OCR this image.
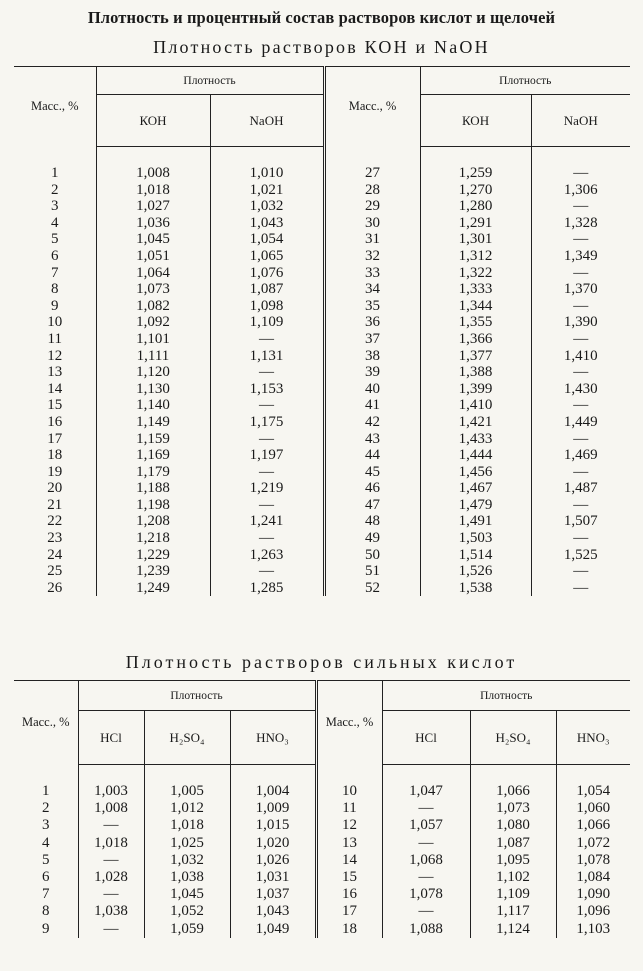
Плотность и процентный состав растворов кислот и щелочей
Плотность растворов КОН и NaOH
Масс., %	Плотность		Масс., %	Плотность	
	КОН	NaOH		КОН	NaOH
1	1,008	1,010	27	1,259	—
2	1,018	1,021	28	1,270	1,306
3	1,027	1,032	29	1,280	—
4	1,036	1,043	30	1,291	1,328
5	1,045	1,054	31	1,301	—
6	1,051	1,065	32	1,312	1,349
7	1,064	1,076	33	1,322	—
8	1,073	1,087	34	1,333	1,370
9	1,082	1,098	35	1,344	—
10	1,092	1,109	36	1,355	1,390
11	1,101	—	37	1,366	—
12	1,111	1,131	38	1,377	1,410
13	1,120	—	39	1,388	—
14	1,130	1,153	40	1,399	1,430
15	1,140	—	41	1,410	—
16	1,149	1,175	42	1,421	1,449
17	1,159	—	43	1,433	—
18	1,169	1,197	44	1,444	1,469
19	1,179	—	45	1,456	—
20	1,188	1,219	46	1,467	1,487
21	1,198	—	47	1,479	—
22	1,208	1,241	48	1,491	1,507
23	1,218	—	49	1,503	—
24	1,229	1,263	50	1,514	1,525
25	1,239	—	51	1,526	—
26	1,249	1,285	52	1,538	—
Плотность растворов сильных кислот
Масс., %	Плотность			Масс., %	Плотность		
	HCl	H₂SO₄	HNO₃		HCl	H₂SO₄	HNO₃
1	1,003	1,005	1,004	10	1,047	1,066	1,054
2	1,008	1,012	1,009	11	—	1,073	1,060
3	—	1,018	1,015	12	1,057	1,080	1,066
4	1,018	1,025	1,020	13	—	1,087	1,072
5	—	1,032	1,026	14	1,068	1,095	1,078
6	1,028	1,038	1,031	15	—	1,102	1,084
7	—	1,045	1,037	16	1,078	1,109	1,090
8	1,038	1,052	1,043	17	—	1,117	1,096
9	—	1,059	1,049	18	1,088	1,124	1,103
